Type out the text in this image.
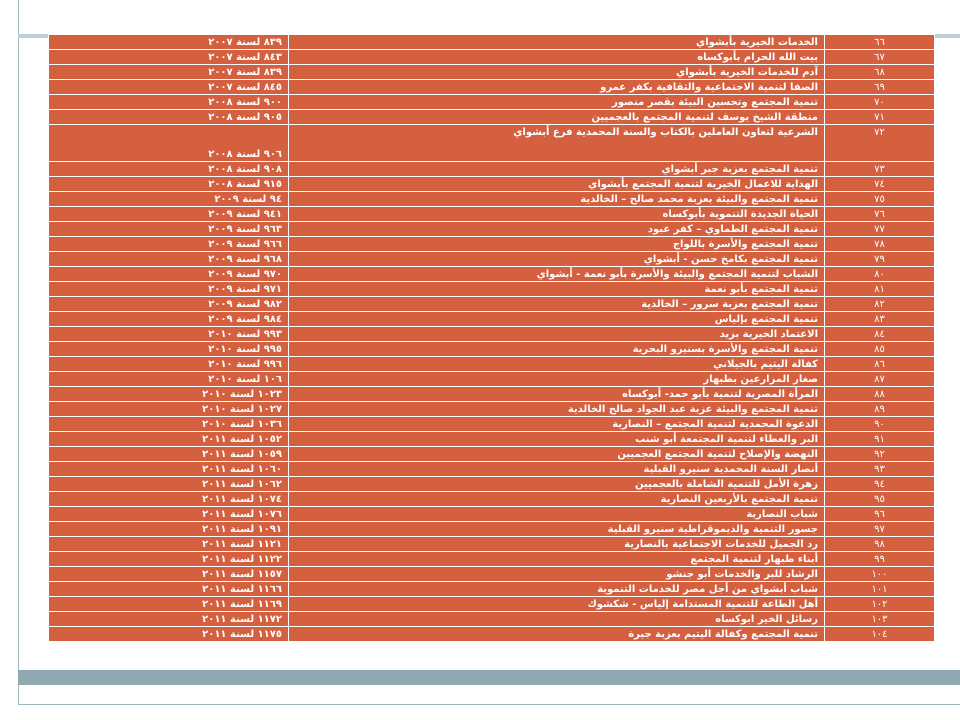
٦٦	الخدمات الخيرية بأبشواي	٨٣٩ لسنة ٢٠٠٧
٦٧	بيت الله الحرام بأبوكساه	٨٤٣ لسنة ٢٠٠٧
٦٨	آدم للخدمات الخيرية بأبشواي	٨٣٩ لسنة ٢٠٠٧
٦٩	الصفا لتنمية الاجتماعية والثقافية بكفر عمرو	٨٤٥ لسنة ٢٠٠٧
٧٠	تنمية المجتمع وتحسين البيئة بقصر منصور	٩٠٠ لسنة ٢٠٠٨
٧١	منطقة الشيخ يوسف لتنمية المجتمع بالعجميين	٩٠٥ لسنة ٢٠٠٨
٧٢	الشرعية لتعاون العاملين بالكتاب والسنة المحمدية فرع أبشواي	٩٠٦ لسنة ٢٠٠٨
٧٣	تنمية المجتمع بعزبة جبر أبشواي	٩٠٨ لسنة ٢٠٠٨
٧٤	الهداية للاعمال الخيرية لتنمية المجتمع بأبشواي	٩١٥ لسنة ٢٠٠٨
٧٥	تنمية المجتمع والبيئة بعزبة محمد صالح – الخالدية	٩٤ لسنة ٢٠٠٩
٧٦	الحياة الجديدة التنموية بأبوكساه	٩٤١ لسنة ٢٠٠٩
٧٧	تنمية المجتمع الطماوي – كفر عبود	٩٦٣ لسنة ٢٠٠٩
٧٨	تنمية المجتمع والأسرة باللواج	٩٦٦ لسنة ٢٠٠٩
٧٩	تنمية المجتمع بكامخ حسن - أبشواي	٩٦٨ لسنة ٢٠٠٩
٨٠	الشباب لتنمية المجتمع والبيئة والأسرة بأبو نعمة - أبشواي	٩٧٠ لسنة ٢٠٠٩
٨١	تنمية المجتمع بأبو نعمة	٩٧١ لسنة ٢٠٠٩
٨٢	تنمية المجتمع بعزبة سرور – الخالدية	٩٨٢ لسنة ٢٠٠٩
٨٣	تنمية المجتمع بإلياس	٩٨٤ لسنة ٢٠٠٩
٨٤	الاعتماد الخيرية بزيد	٩٩٣ لسنة ٢٠١٠
٨٥	تنمية المجتمع والأسرة بسنيرو البحرية	٩٩٥ لسنة ٢٠١٠
٨٦	كفالة اليتيم بالجيلاني	٩٩٦ لسنة ٢٠١٠
٨٧	صغار المزارعين بطبهار	١٠٦ لسنة ٢٠١٠
٨٨	المرأة المصرية لتنمية بأبو حمد- أبوكساه	١٠٢٣ لسنة ٢٠١٠
٨٩	تنمية المجتمع والبيئة عزبة عبد الجواد صالح الخالدية	١٠٢٧ لسنة ٢٠١٠
٩٠	الدعوة المحمدية لتنمية المجتمع – النصارية	١٠٣٦ لسنة ٢٠١٠
٩١	البر والعطاء لتنمية المجتمعة أبو شنب	١٠٥٢ لسنة ٢٠١١
٩٢	النهضة والإصلاح لتنمية المجتمع العجميين	١٠٥٩ لسنة ٢٠١١
٩٣	أنصار السنة المحمدية سنيرو القبلية	١٠٦٠ لسنة ٢٠١١
٩٤	زهرة الأمل للتنمية الشاملة بالعجميين	١٠٦٢ لسنة ٢٠١١
٩٥	تنمية المجتمع بالأربعين النصارية	١٠٧٤ لسنة ٢٠١١
٩٦	شباب النصارية	١٠٧٦ لسنة ٢٠١١
٩٧	جسور التنمية والديموقراطية سنيرو القبلية	١٠٩١ لسنة ٢٠١١
٩٨	رد الجميل للخدمات الاجتماعية بالنصارية	١١٢١ لسنة ٢٠١١
٩٩	أبناء طبهار لتنمية المجتمع	١١٢٢ لسنة ٢٠١١
١٠٠	الرشاد للبر والخدمات أبو جنشو	١١٥٧ لسنة ٢٠١١
١٠١	شباب أبشواي من أجل مصر للخدمات التنموية	١١٦٦ لسنة ٢٠١١
١٠٢	أهل الطاعة للتنمية المستدامة إلياس - شكشوك	١١٦٩ لسنة ٢٠١١
١٠٣	رسائل الخير ابوكساه	١١٧٢ لسنة ٢٠١١
١٠٤	تنمية المجتمع وكفالة اليتيم بعزبة جيرة	١١٧٥ لسنة ٢٠١١
